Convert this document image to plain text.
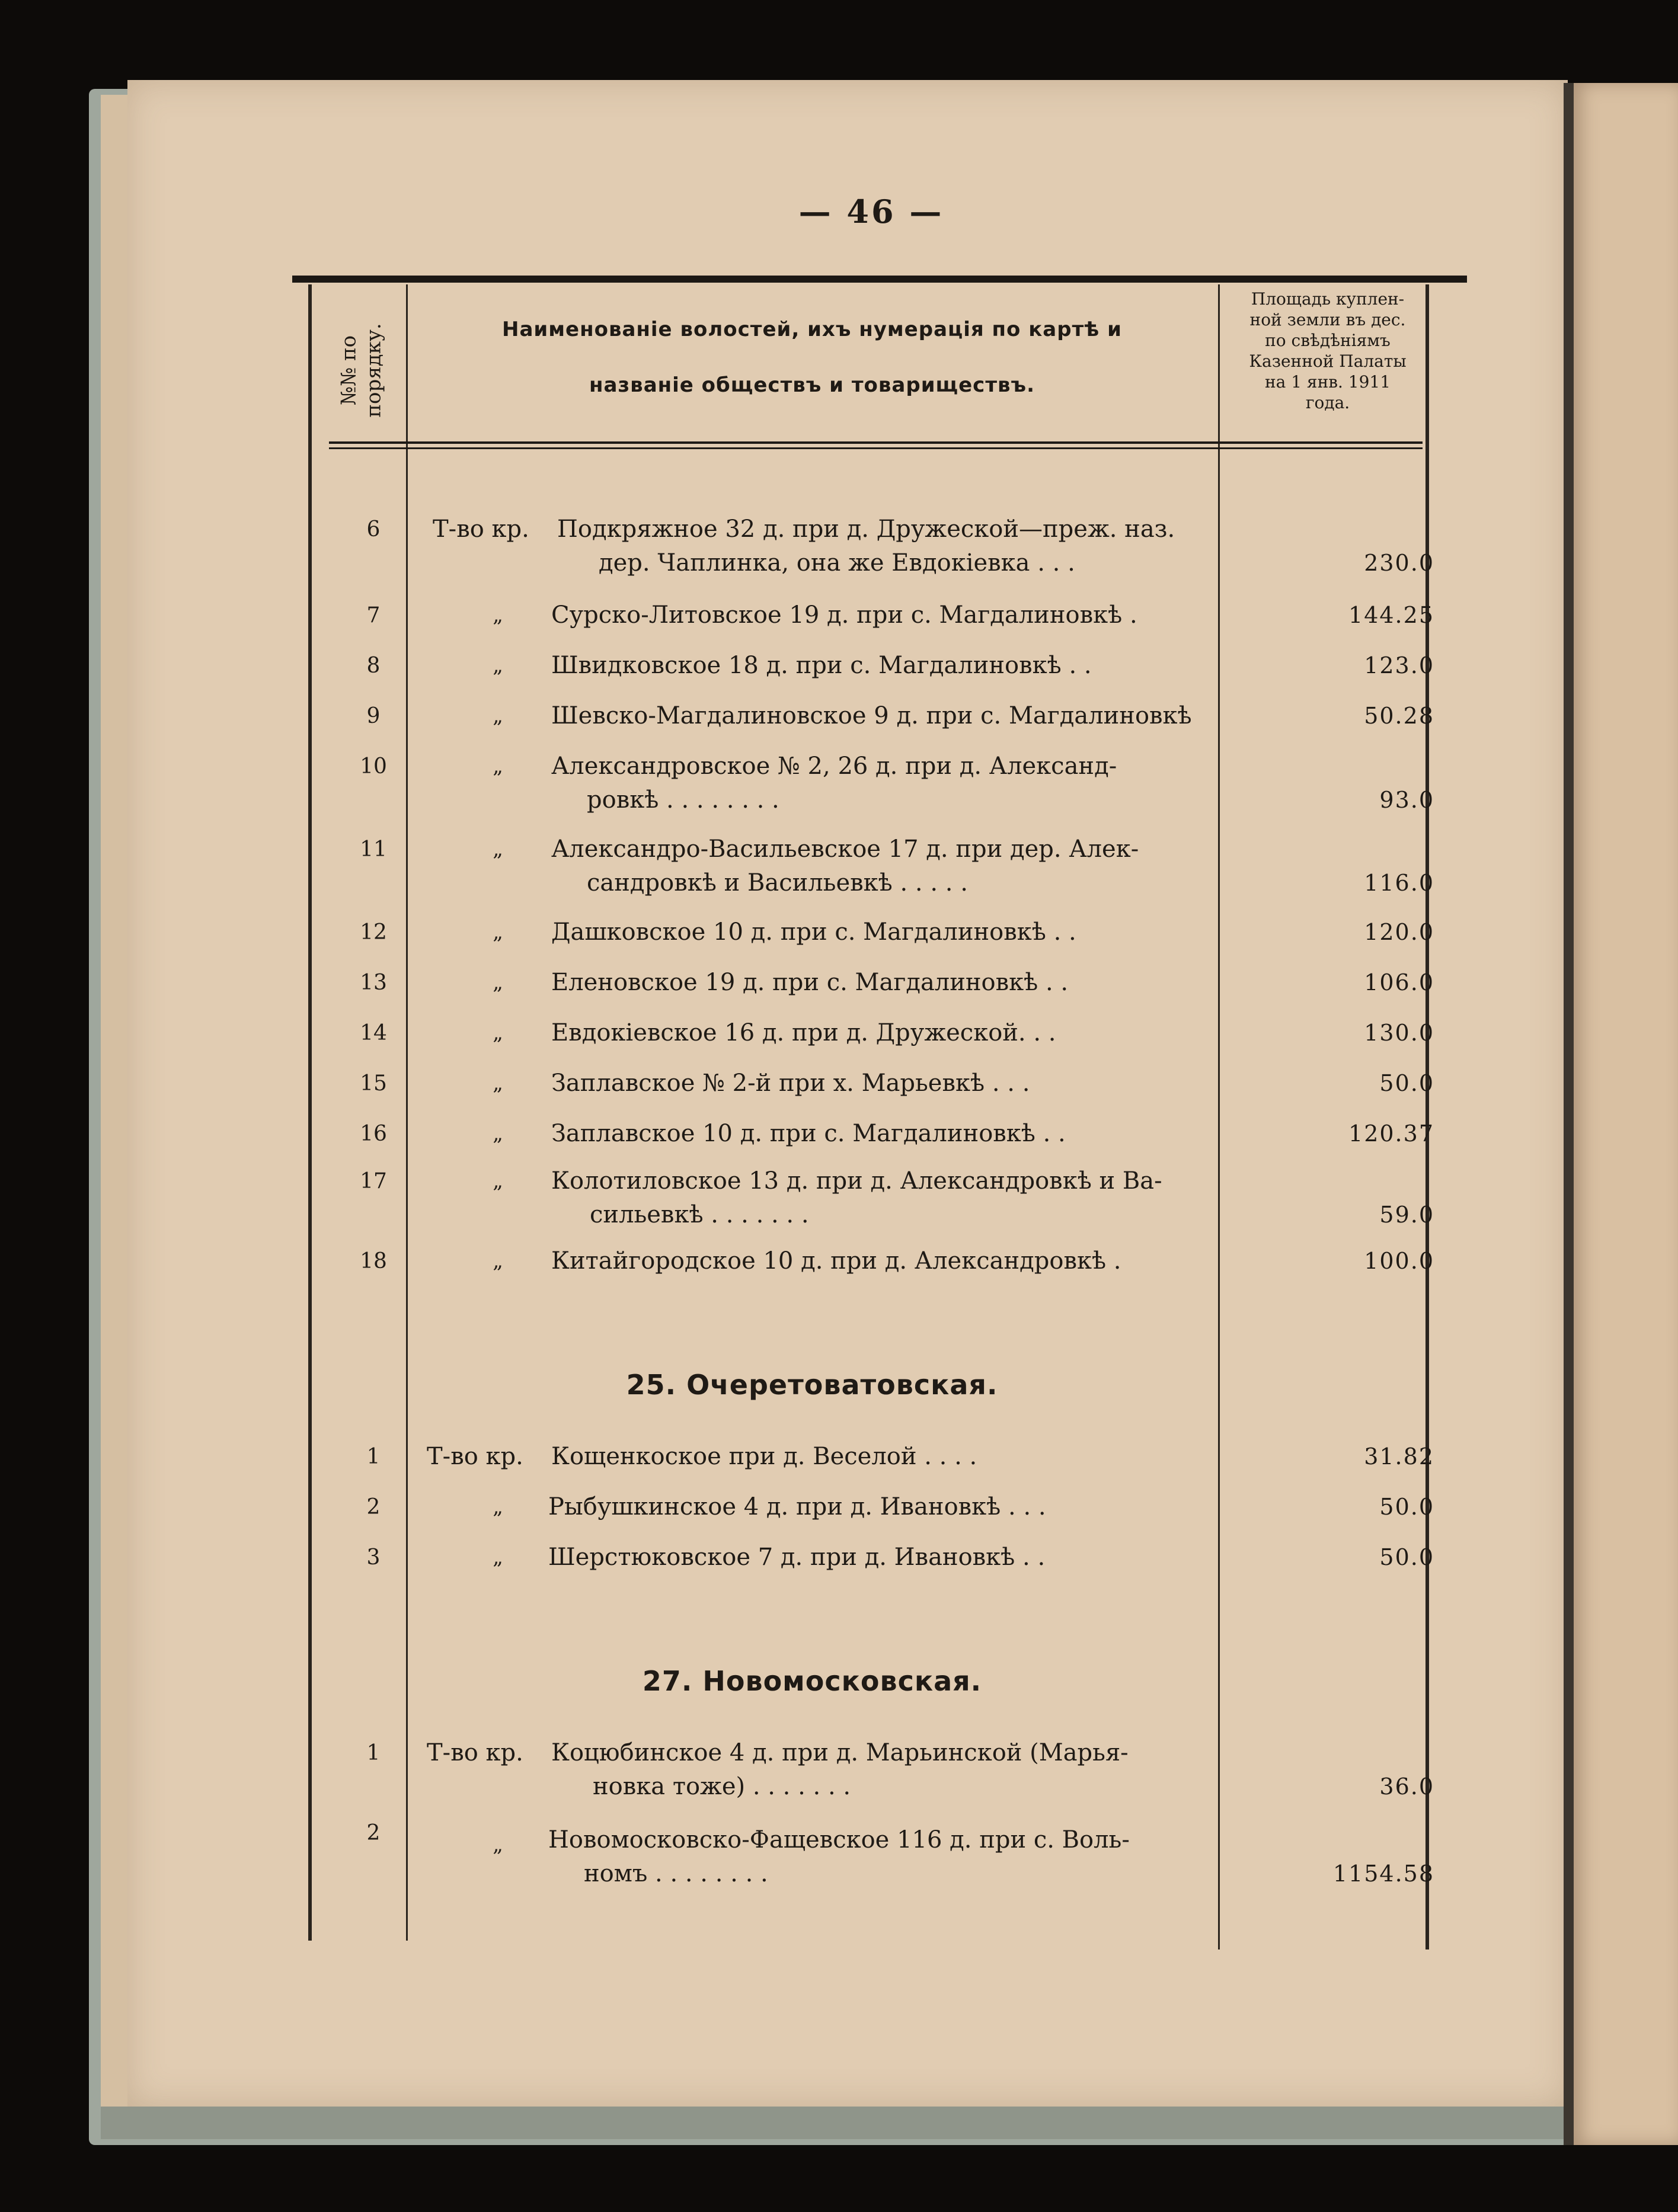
— 46 —
№№ по порядку.	Наименованіе волостей, ихъ нумерація по картѣ и
названіе обществъ и товариществъ.
Площадь куплен-
ной земли въ дес.
по свѣдѣніямъ
Казенной Палаты
на 1 янв. 1911
года.
6	Т-во кр.	Подкряжное 32 д. при д. Дружеской—преж. наз.
дер. Чаплинка, она же Евдокіевка . . .	230.0
7	„	Сурско-Литовское 19 д. при с. Магдалиновкѣ .	144.25
8	„	Швидковское 18 д. при с. Магдалиновкѣ . .	123.0
9	„	Шевско-Магдалиновское 9 д. при с. Магдалиновкѣ	50.28
10	„	Александровское № 2, 26 д. при д. Александ-
ровкѣ . . . . . . . .	93.0
11	„	Александро-Васильевское 17 д. при дер. Алек-
сандровкѣ и Васильевкѣ . . . . .	116.0
12	„	Дашковское 10 д. при с. Магдалиновкѣ . .	120.0
13	„	Еленовское 19 д. при с. Магдалиновкѣ . .	106.0
14	„	Евдокіевское 16 д. при д. Дружеской. . .	130.0
15	„	Заплавское № 2-й при х. Марьевкѣ . . .	50.0
16	„	Заплавское 10 д. при с. Магдалиновкѣ . .	120.37
17	„	Колотиловское 13 д. при д. Александровкѣ и Ва-
сильевкѣ . . . . . . .	59.0
18	„	Китайгородское 10 д. при д. Александровкѣ .	100.0
25. Очеретоватовская.
1	Т-во кр.	Кощенкоское при д. Веселой . . . .	31.82
2	„	Рыбушкинское 4 д. при д. Ивановкѣ . . .	50.0
3	„	Шерстюковское 7 д. при д. Ивановкѣ . .	50.0
27. Новомосковская.
1	Т-во кр.	Коцюбинское 4 д. при д. Марьинской (Марья-
новка тоже) . . . . . . .	36.0
2	„	Новомосковско-Фащевское 116 д. при с. Воль-
номъ . . . . . . . .	1154.58
